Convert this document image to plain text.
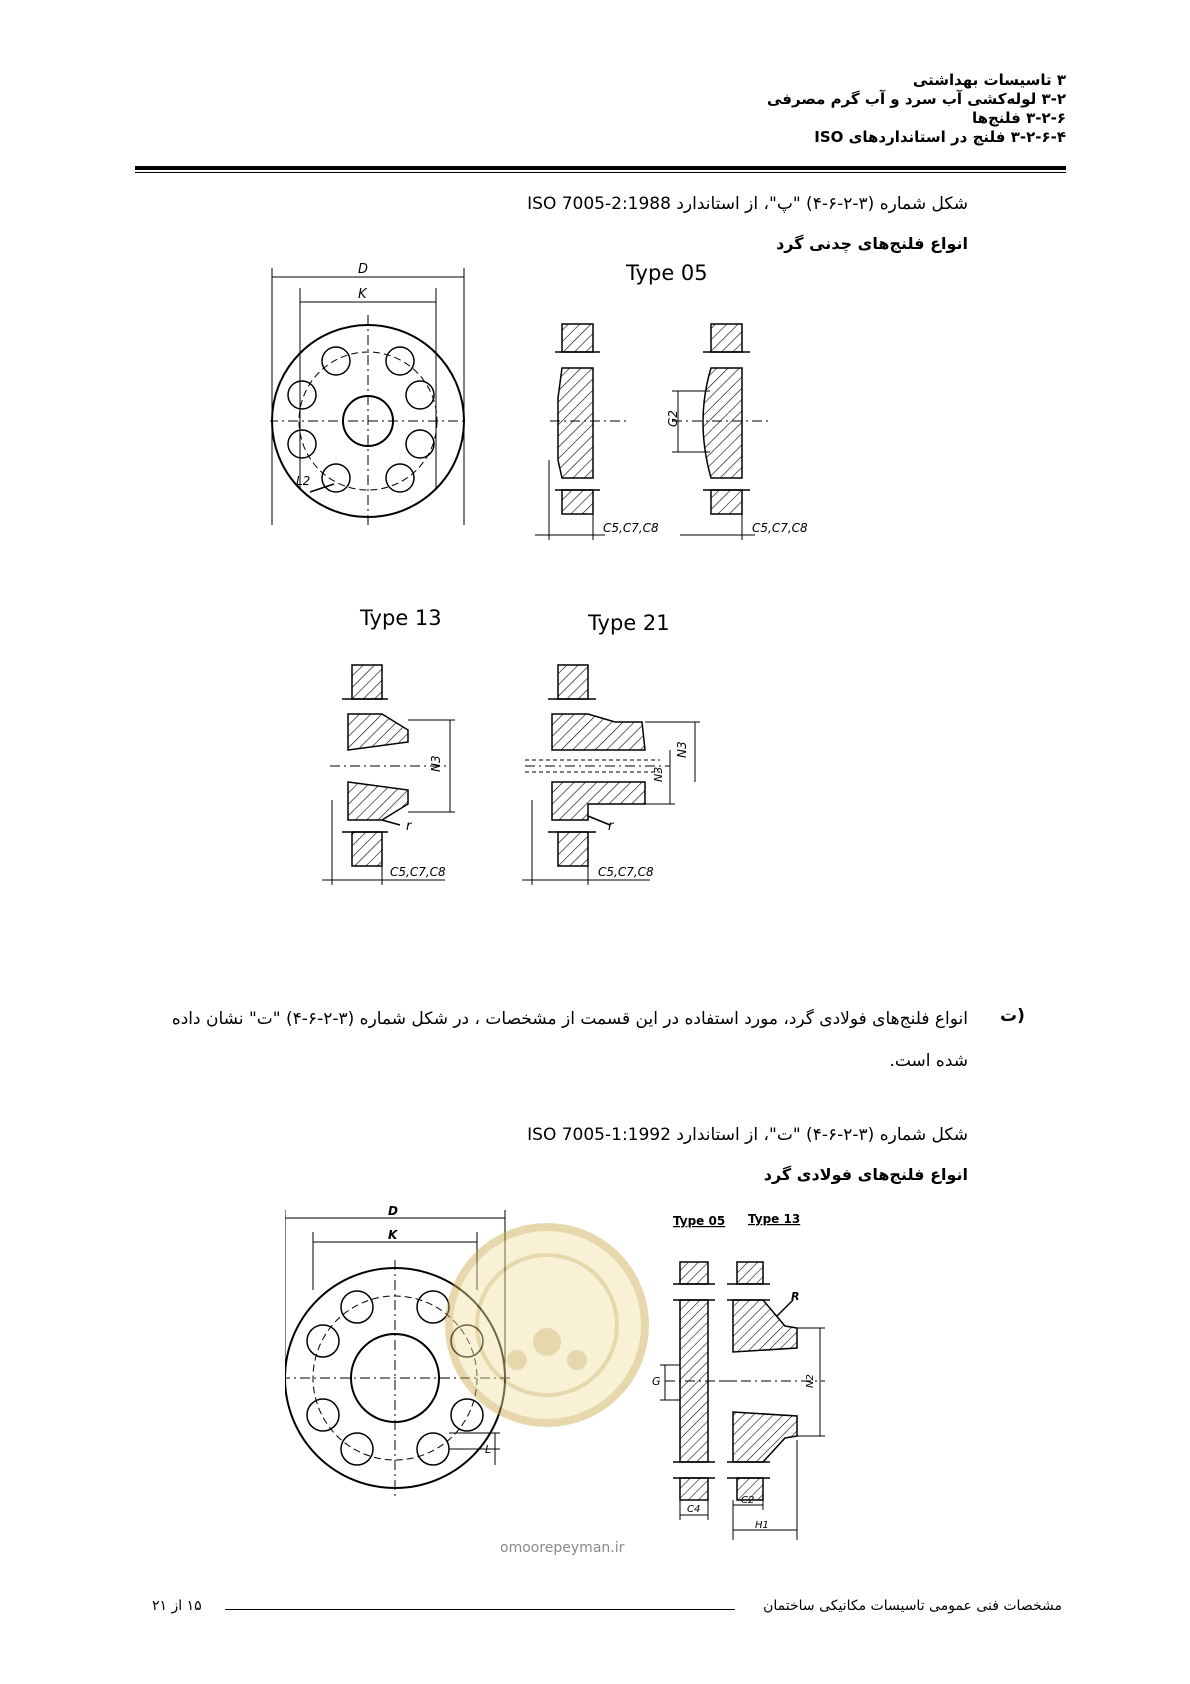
۳ تاسیسات بهداشتی
۳-۲ لوله‌کشی آب سرد و آب گرم مصرفی
۳-۲-۶ فلنج‌ها
۳-۲-۶-۴ فلنج در استانداردهای ISO
شکل شماره (۳-۲-۶-۴) "پ"، از استاندارد ISO 7005-2:1988
انواع فلنج‌های چدنی گرد
D
K
L2
Type 05
C5,C7,C8
G2
C5,C7,C8
Type 13	Type 21
N3
r
C5,C7,C8
N3
N3
r
C5,C7,C8
ت)
انواع فلنج‌های فولادی گرد، مورد استفاده در این قسمت از مشخصات ، در شکل شماره (۳-۲-۶-۴) "ت" نشان داده شده است.
شکل شماره (۳-۲-۶-۴) "ت"، از استاندارد ISO 7005-1:1992
انواع فلنج‌های فولادی گرد
D
K
L
Type 05
G
C4
Type 13
R
N2
C2
H1
omoorepeyman.ir
مشخصات فنی عمومی تاسیسات مکانیکی ساختمان
۱۵ از ۲۱
